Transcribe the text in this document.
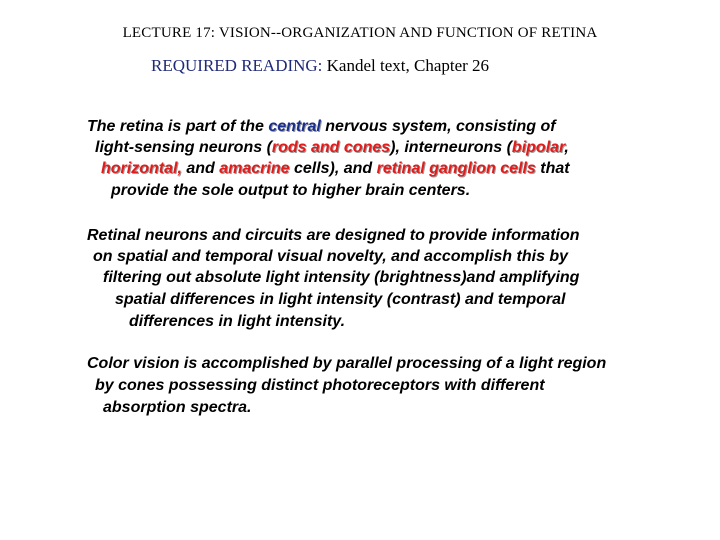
LECTURE 17: VISION--ORGANIZATION AND FUNCTION OF RETINA
REQUIRED READING: Kandel text, Chapter 26
The retina is part of the central nervous system, consisting of
light-sensing neurons (rods and cones), interneurons (bipolar,
horizontal, and amacrine cells), and retinal ganglion cells that
provide the sole output to higher brain centers.
Retinal neurons and circuits are designed to provide information
on spatial and temporal visual novelty, and accomplish this by
filtering out absolute light intensity (brightness)and amplifying
spatial differences in light intensity (contrast) and temporal
differences in light intensity.
Color vision is accomplished by parallel processing of a light region
by cones possessing distinct photoreceptors with different
absorption spectra.
